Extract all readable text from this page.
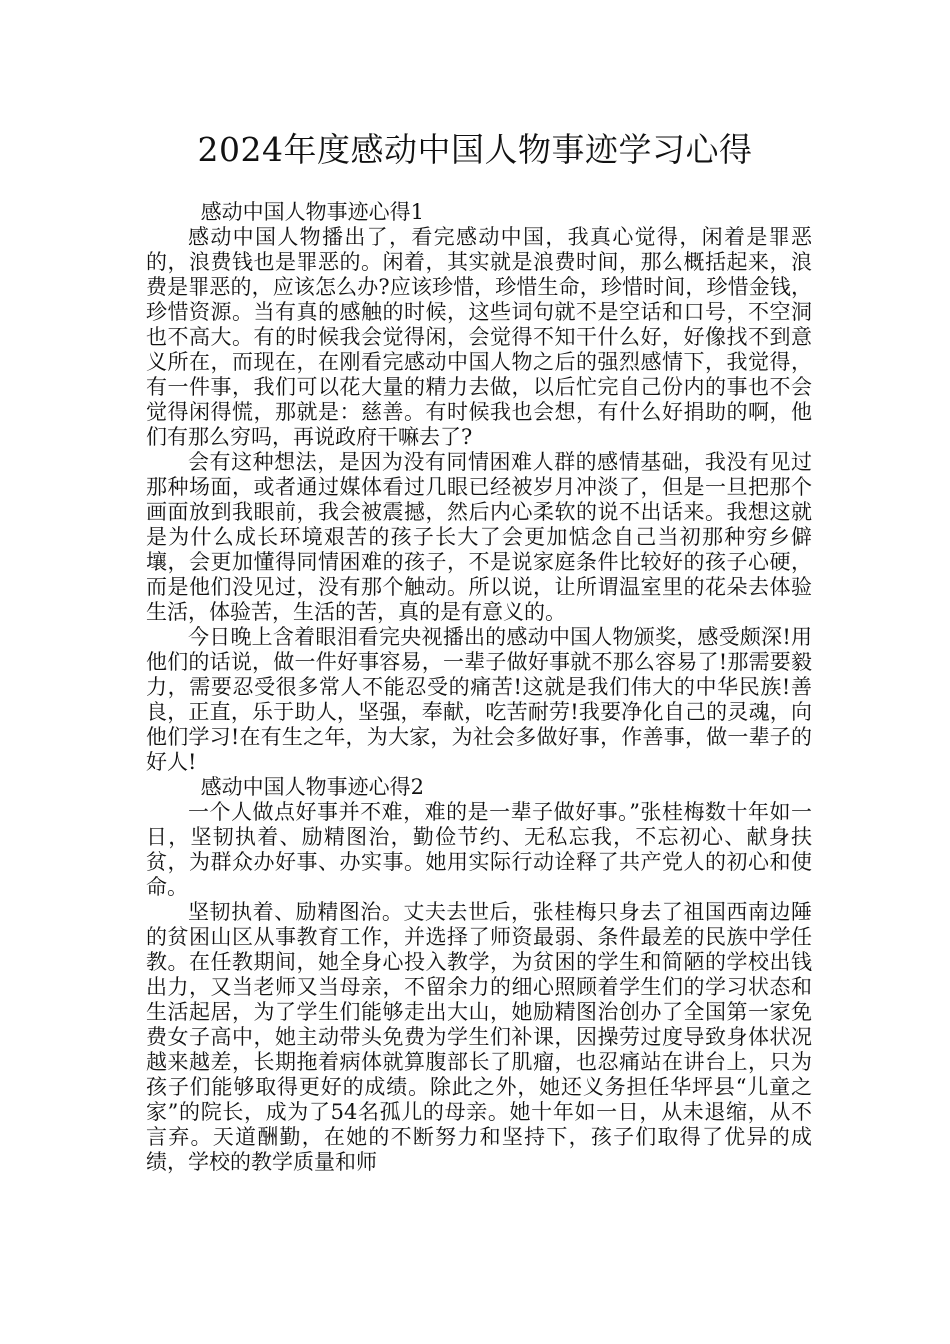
2024年度感动中国人物事迹学习心得

感动中国人物事迹心得1

感动中国人物播出了，看完感动中国，我真心觉得，闲着是罪恶的，浪费钱也是罪恶的。闲着，其实就是浪费时间，那么概括起来，浪费是罪恶的，应该怎么办?应该珍惜，珍惜生命，珍惜时间，珍惜金钱，珍惜资源。当有真的感触的时候，这些词句就不是空话和口号，不空洞也不高大。有的时候我会觉得闲，会觉得不知干什么好，好像找不到意义所在，而现在，在刚看完感动中国人物之后的强烈感情下，我觉得，有一件事，我们可以花大量的精力去做，以后忙完自己份内的事也不会觉得闲得慌，那就是：慈善。有时候我也会想，有什么好捐助的啊，他们有那么穷吗，再说政府干嘛去了?

会有这种想法，是因为没有同情困难人群的感情基础，我没有见过那种场面，或者通过媒体看过几眼已经被岁月冲淡了，但是一旦把那个画面放到我眼前，我会被震撼，然后内心柔软的说不出话来。我想这就是为什么成长环境艰苦的孩子长大了会更加惦念自己当初那种穷乡僻壤，会更加懂得同情困难的孩子，不是说家庭条件比较好的孩子心硬，而是他们没见过，没有那个触动。所以说，让所谓温室里的花朵去体验生活，体验苦，生活的苦，真的是有意义的。

今日晚上含着眼泪看完央视播出的感动中国人物颁奖，感受颇深!用他们的话说，做一件好事容易，一辈子做好事就不那么容易了!那需要毅力，需要忍受很多常人不能忍受的痛苦!这就是我们伟大的中华民族!善良，正直，乐于助人，坚强，奉献，吃苦耐劳!我要净化自己的灵魂，向他们学习!在有生之年，为大家，为社会多做好事，作善事，做一辈子的好人!

感动中国人物事迹心得2

一个人做点好事并不难，难的是一辈子做好事。”张桂梅数十年如一日，坚韧执着、励精图治，勤俭节约、无私忘我，不忘初心、献身扶贫，为群众办好事、办实事。她用实际行动诠释了共产党人的初心和使命。

坚韧执着、励精图治。丈夫去世后，张桂梅只身去了祖国西南边陲的贫困山区从事教育工作，并选择了师资最弱、条件最差的民族中学任教。在任教期间，她全身心投入教学，为贫困的学生和简陋的学校出钱出力，又当老师又当母亲，不留余力的细心照顾着学生们的学习状态和生活起居，为了学生们能够走出大山，她励精图治创办了全国第一家免费女子高中，她主动带头免费为学生们补课，因操劳过度导致身体状况越来越差，长期拖着病体就算腹部长了肌瘤，也忍痛站在讲台上，只为孩子们能够取得更好的成绩。除此之外，她还义务担任华坪县“儿童之家”的院长，成为了54名孤儿的母亲。她十年如一日，从未退缩，从不言弃。天道酬勤，在她的不断努力和坚持下，孩子们取得了优异的成绩，学校的教学质量和师
